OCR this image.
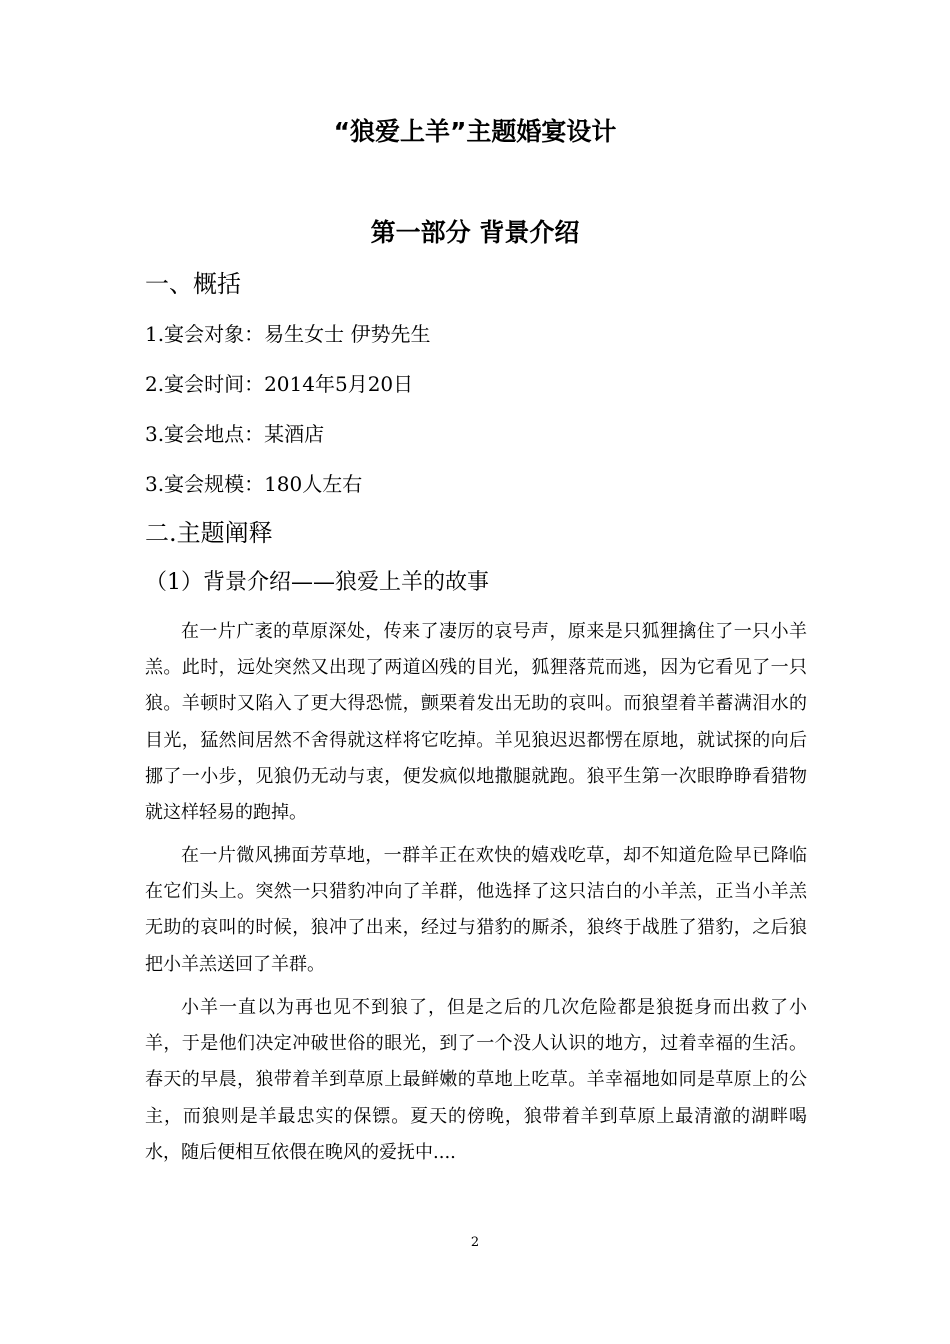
“狼爱上羊”主题婚宴设计
第一部分 背景介绍
一、概括

1.宴会对象：易生女士 伊势先生

2.宴会时间：2014年5月20日

3.宴会地点：某酒店

3.宴会规模：180人左右

二.主题阐释
（1）背景介绍——狼爱上羊的故事

在一片广袤的草原深处，传来了凄厉的哀号声，原来是只狐狸擒住了一只小羊羔。此时，远处突然又出现了两道凶残的目光，狐狸落荒而逃，因为它看见了一只狼。羊顿时又陷入了更大得恐慌，颤栗着发出无助的哀叫。而狼望着羊蓄满泪水的目光，猛然间居然不舍得就这样将它吃掉。羊见狼迟迟都愣在原地，就试探的向后挪了一小步，见狼仍无动与衷，便发疯似地撒腿就跑。狼平生第一次眼睁睁看猎物就这样轻易的跑掉。

在一片微风拂面芳草地，一群羊正在欢快的嬉戏吃草，却不知道危险早已降临在它们头上。突然一只猎豹冲向了羊群，他选择了这只洁白的小羊羔，正当小羊羔无助的哀叫的时候，狼冲了出来，经过与猎豹的厮杀，狼终于战胜了猎豹，之后狼把小羊羔送回了羊群。

小羊一直以为再也见不到狼了，但是之后的几次危险都是狼挺身而出救了小羊，于是他们决定冲破世俗的眼光，到了一个没人认识的地方，过着幸福的生活。春天的早晨，狼带着羊到草原上最鲜嫩的草地上吃草。羊幸福地如同是草原上的公主，而狼则是羊最忠实的保镖。夏天的傍晚，狼带着羊到草原上最清澈的湖畔喝水，随后便相互依偎在晚风的爱抚中....

2
